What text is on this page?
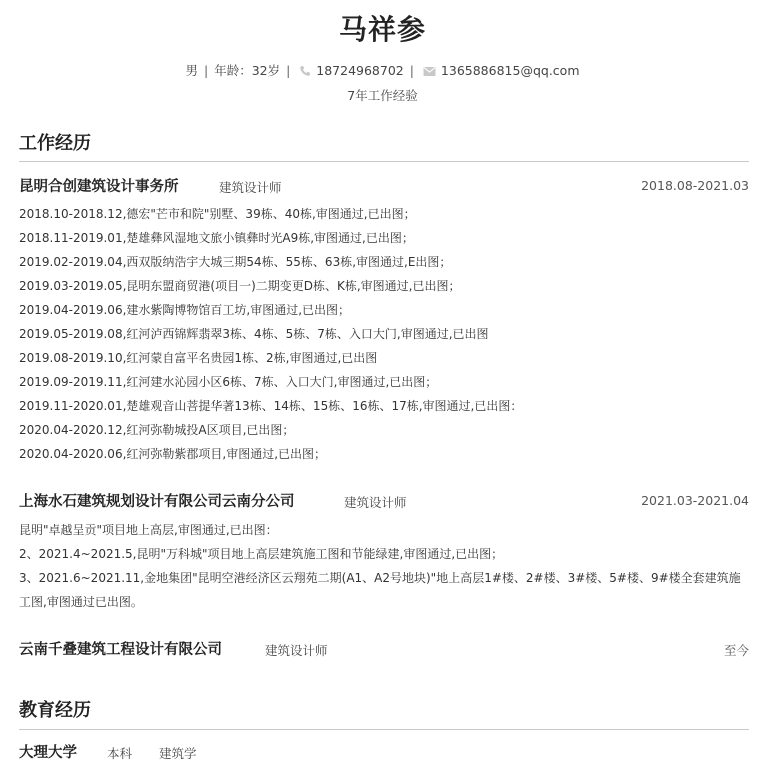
马祥参
男 | 年龄：32岁 | 18724968702 | 1365886815@qq.com
7年工作经验
工作经历
昆明合创建筑设计事务所	建筑设计师	2018.08-2021.03
2018.10-2018.12,德宏"芒市和院"别墅、39栋、40栋,审图通过,已出图；
2018.11-2019.01,楚雄彝风湿地文旅小镇彝时光A9栋,审图通过,已出图；
2019.02-2019.04,西双版纳浩宇大城三期54栋、55栋、63栋,审图通过,E出图；
2019.03-2019.05,昆明东盟商贸港(项目一)二期变更D栋、K栋,审图通过,已出图；
2019.04-2019.06,建水紫陶博物馆百工坊,审图通过,已出图；
2019.05-2019.08,红河泸西锦辉翡翠3栋、4栋、5栋、7栋、入口大门,审图通过,已出图
2019.08-2019.10,红河蒙自富平名贵园1栋、2栋,审图通过,已出图
2019.09-2019.11,红河建水沁园小区6栋、7栋、入口大门,审图通过,已出图；
2019.11-2020.01,楚雄观音山菩提华著13栋、14栋、15栋、16栋、17栋,审图通过,已出图：
2020.04-2020.12,红河弥勒城投A区项目,已出图；
2020.04-2020.06,红河弥勒紫郡项目,审图通过,已出图；
上海水石建筑规划设计有限公司云南分公司	建筑设计师	2021.03-2021.04
昆明"卓越呈贡"项目地上高层,审图通过,已出图：
2、2021.4~2021.5,昆明"万科城"项目地上高层建筑施工图和节能绿建,审图通过,已出图；
3、2021.6~2021.11,金地集团"昆明空港经济区云翔苑二期(A1、A2号地块)"地上高层1#楼、2#楼、3#楼、5#楼、9#楼全套建筑施工图,审图通过已出图。
云南千叠建筑工程设计有限公司	建筑设计师	至今
教育经历
大理大学 本科 建筑学
